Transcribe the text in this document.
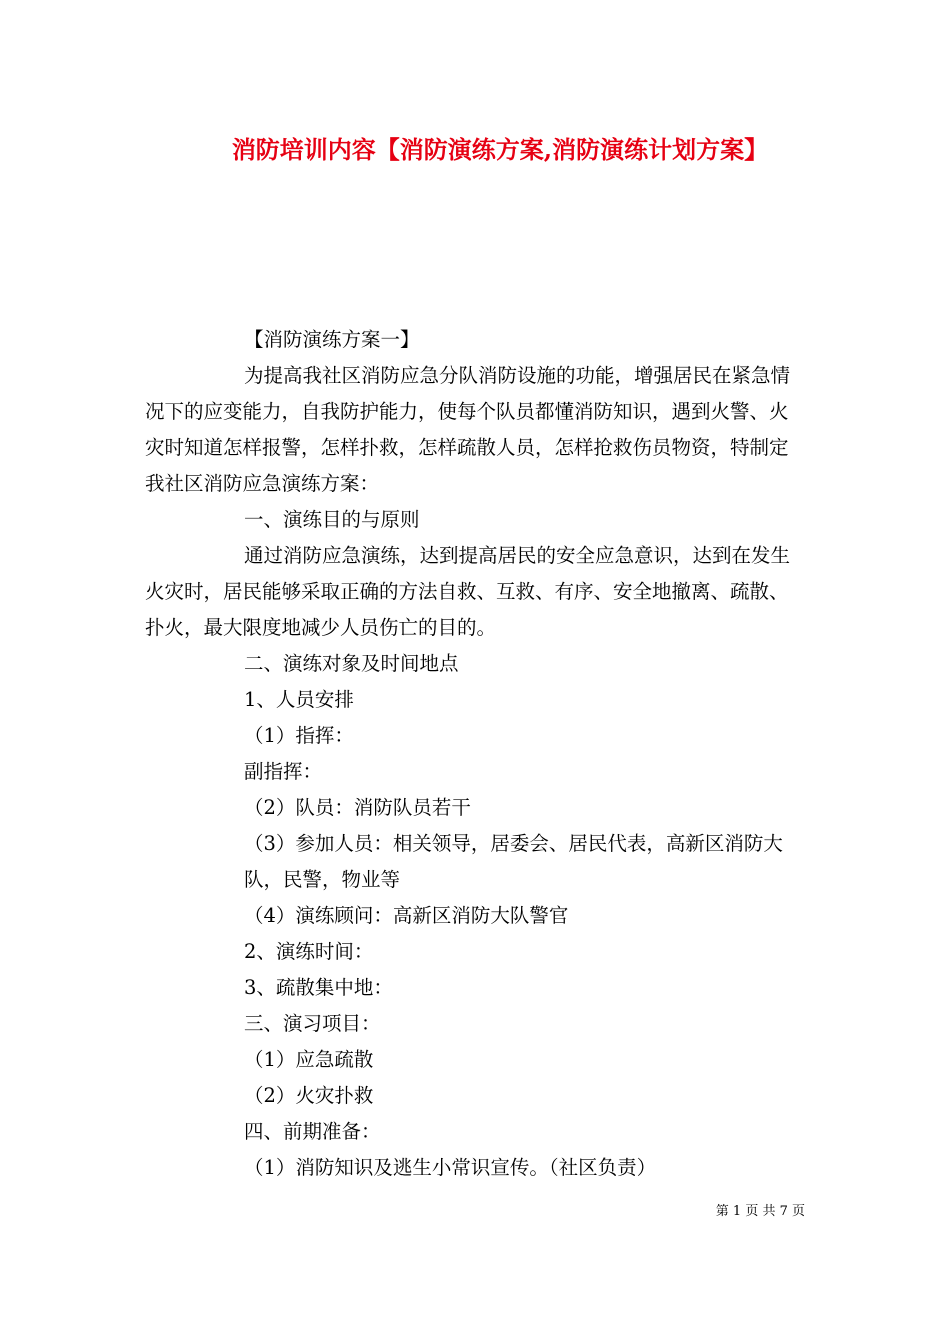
消防培训内容【消防演练方案,消防演练计划方案】

【消防演练方案一】

为提高我社区消防应急分队消防设施的功能，增强居民在紧急情况下的应变能力，自我防护能力，使每个队员都懂消防知识，遇到火警、火灾时知道怎样报警，怎样扑救，怎样疏散人员，怎样抢救伤员物资，特制定我社区消防应急演练方案：

一、演练目的与原则

通过消防应急演练，达到提高居民的安全应急意识，达到在发生火灾时，居民能够采取正确的方法自救、互救、有序、安全地撤离、疏散、扑火，最大限度地减少人员伤亡的目的。

二、演练对象及时间地点

1、人员安排

（1）指挥：

副指挥：

（2）队员：消防队员若干

（3）参加人员：相关领导，居委会、居民代表，高新区消防大队，民警，物业等

（4）演练顾问：高新区消防大队警官

2、演练时间：

3、疏散集中地：

三、演习项目：

（1）应急疏散

（2）火灾扑救

四、前期准备：

（1）消防知识及逃生小常识宣传。（社区负责）

第 1 页 共 7 页
